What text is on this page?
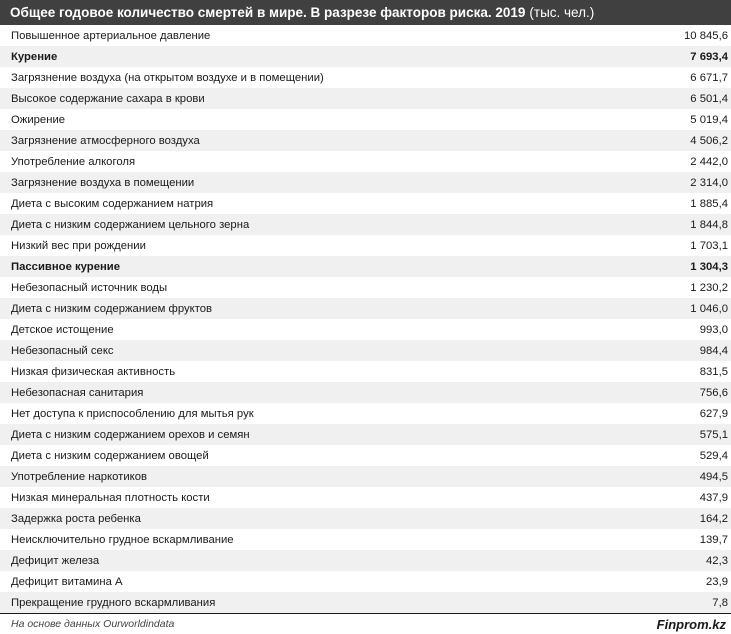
Общее годовое количество смертей в мире. В разрезе факторов риска. 2019 (тыс. чел.)
Повышенное артериальное давление	10 845,6
Курение	7 693,4
Загрязнение воздуха (на открытом воздухе и в помещении)	6 671,7
Высокое содержание сахара в крови	6 501,4
Ожирение	5 019,4
Загрязнение атмосферного воздуха	4 506,2
Употребление алкоголя	2 442,0
Загрязнение воздуха в помещении	2 314,0
Диета с высоким содержанием натрия	1 885,4
Диета с низким содержанием цельного зерна	1 844,8
Низкий вес при рождении	1 703,1
Пассивное курение	1 304,3
Небезопасный источник воды	1 230,2
Диета с низким содержанием фруктов	1 046,0
Детское истощение	993,0
Небезопасный секс	984,4
Низкая физическая активность	831,5
Небезопасная санитария	756,6
Нет доступа к приспособлению для мытья рук	627,9
Диета с низким содержанием орехов и семян	575,1
Диета с низким содержанием овощей	529,4
Употребление наркотиков	494,5
Низкая минеральная плотность кости	437,9
Задержка роста ребенка	164,2
Неисключительно грудное вскармливание	139,7
Дефицит железа	42,3
Дефицит витамина А	23,9
Прекращение грудного вскармливания	7,8
На основе данных Ourworldindata	Finprom.kz
